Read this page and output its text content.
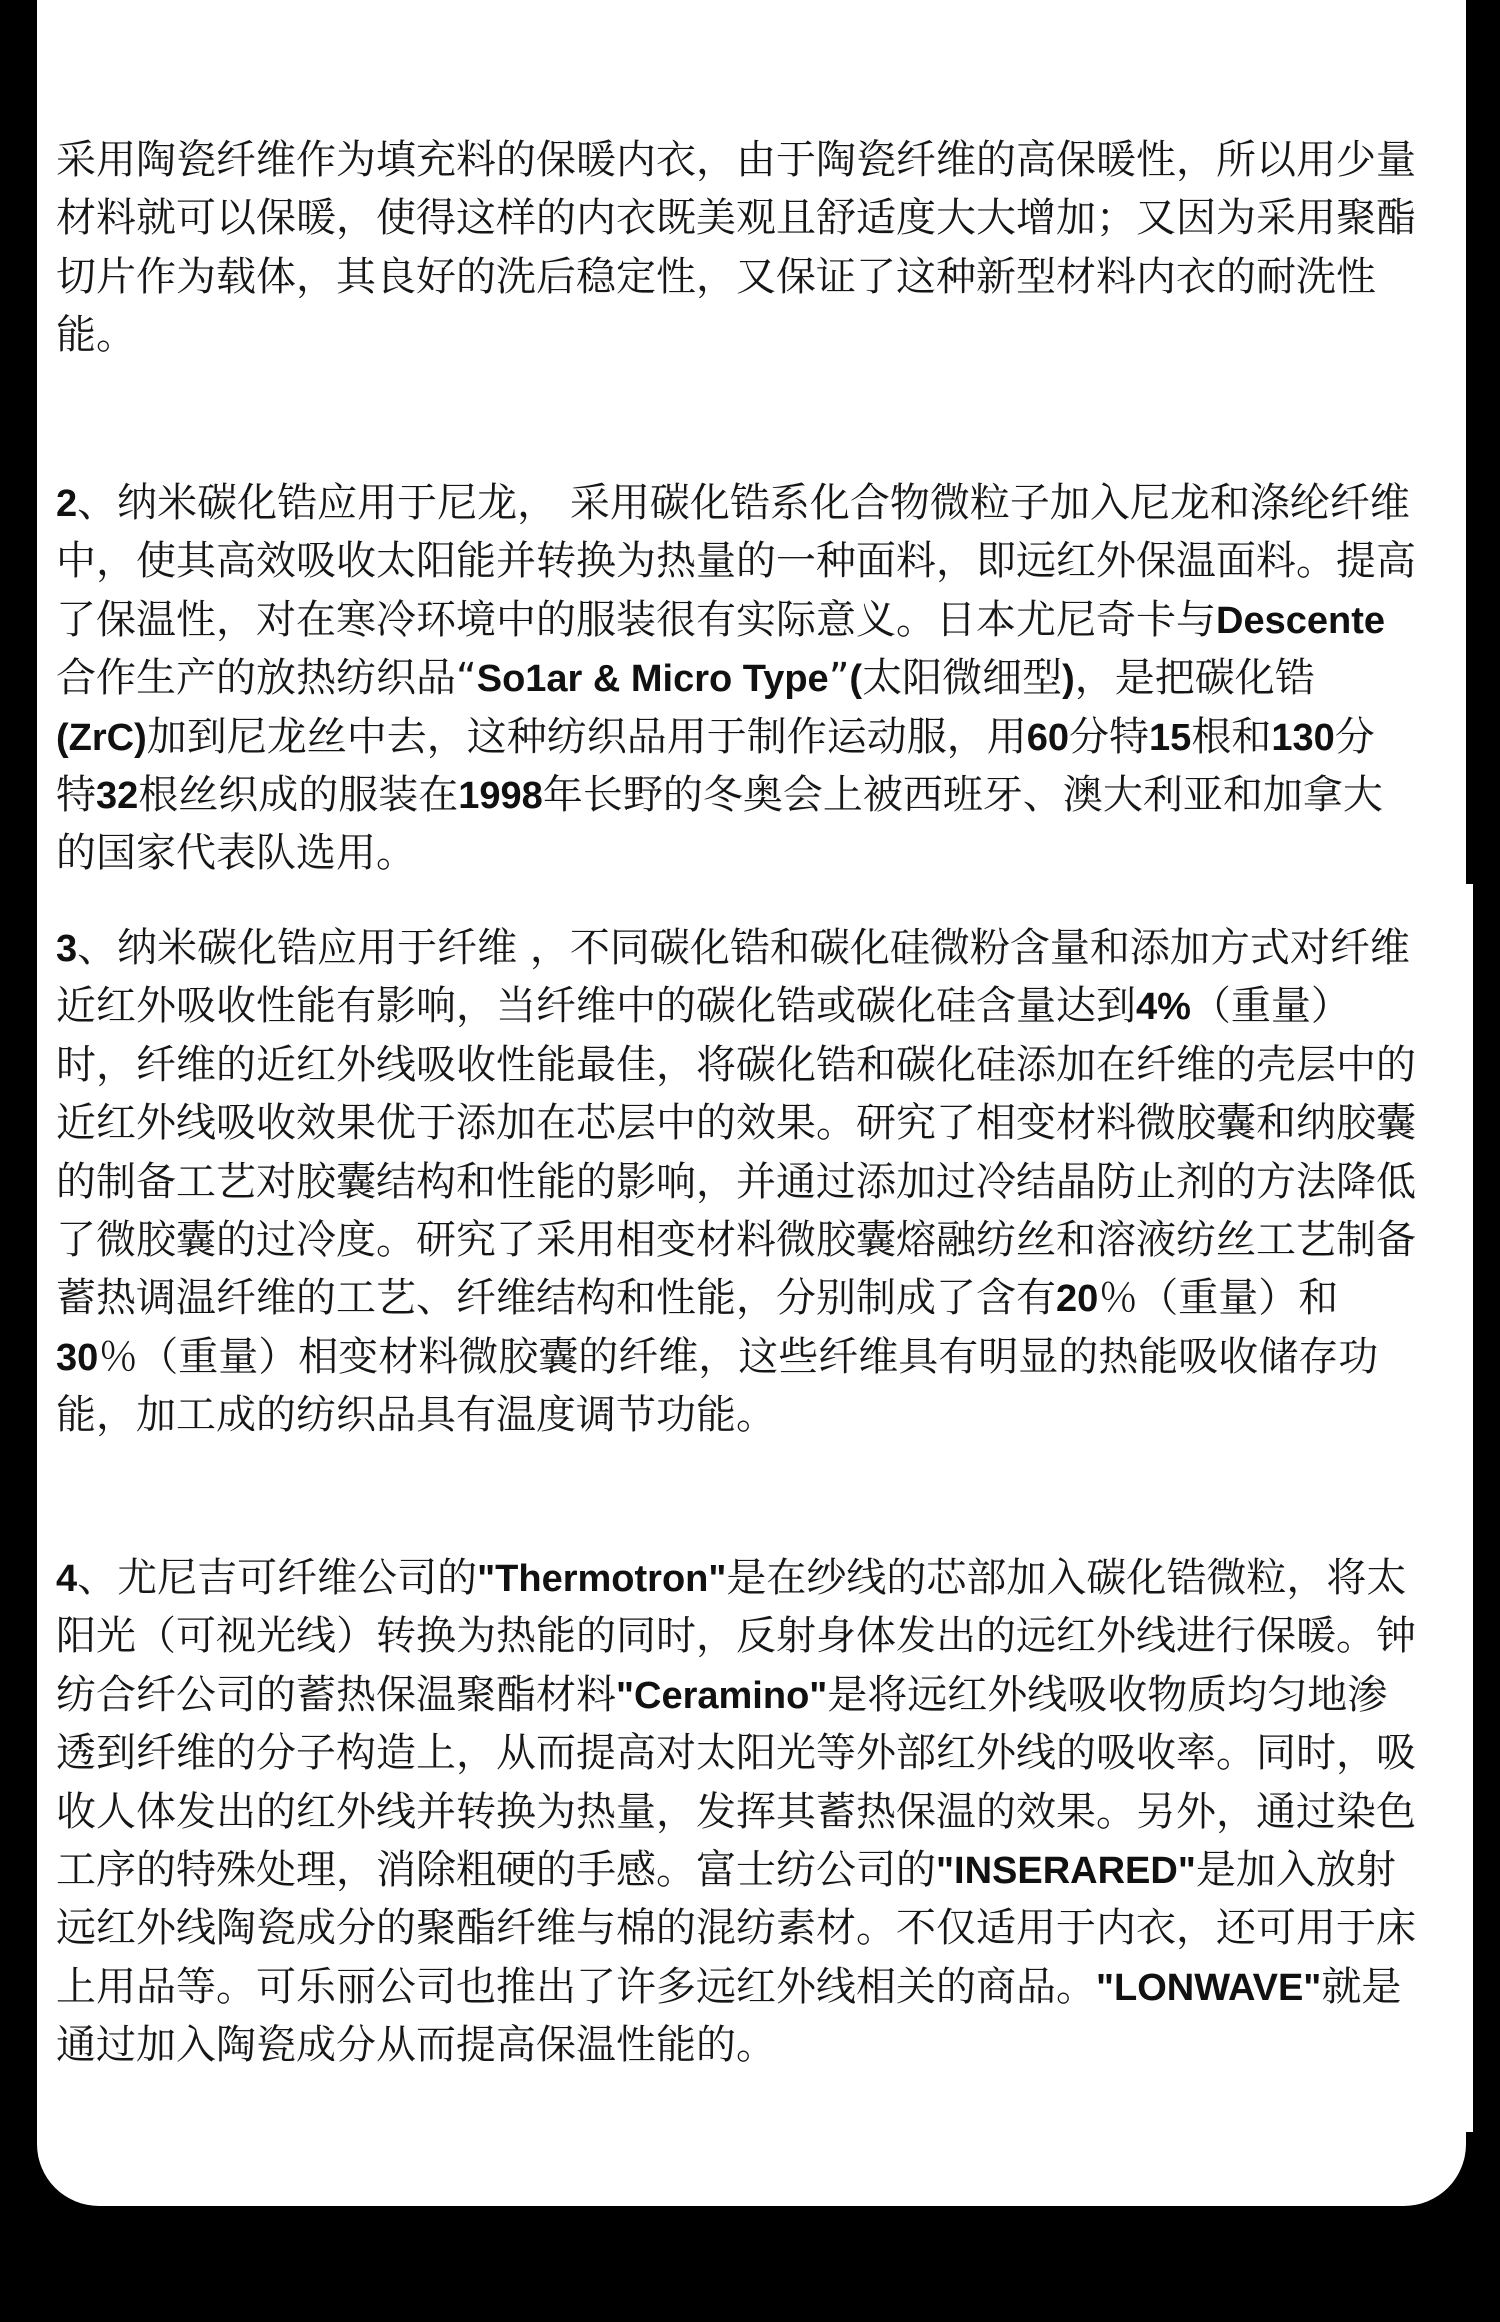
采用陶瓷纤维作为填充料的保暖内衣，由于陶瓷纤维的高保暖性，所以用少量
材料就可以保暖，使得这样的内衣既美观且舒适度大大增加；又因为采用聚酯
切片作为载体，其良好的洗后稳定性，又保证了这种新型材料内衣的耐洗性
能。
2、纳米碳化锆应用于尼龙， 采用碳化锆系化合物微粒子加入尼龙和涤纶纤维
中，使其高效吸收太阳能并转换为热量的一种面料，即远红外保温面料。提高
了保温性，对在寒冷环境中的服装很有实际意义。日本尤尼奇卡与Descente
合作生产的放热纺织品“So1ar & Micro Type”(太阳微细型)，是把碳化锆
(ZrC)加到尼龙丝中去，这种纺织品用于制作运动服，用60分特15根和130分
特32根丝织成的服装在1998年长野的冬奥会上被西班牙、澳大利亚和加拿大
的国家代表队选用。
3、纳米碳化锆应用于纤维 ，不同碳化锆和碳化硅微粉含量和添加方式对纤维
近红外吸收性能有影响，当纤维中的碳化锆或碳化硅含量达到4%（重量）
时，纤维的近红外线吸收性能最佳，将碳化锆和碳化硅添加在纤维的壳层中的
近红外线吸收效果优于添加在芯层中的效果。研究了相变材料微胶囊和纳胶囊
的制备工艺对胶囊结构和性能的影响，并通过添加过冷结晶防止剂的方法降低
了微胶囊的过冷度。研究了采用相变材料微胶囊熔融纺丝和溶液纺丝工艺制备
蓄热调温纤维的工艺、纤维结构和性能，分别制成了含有20％（重量）和
30％（重量）相变材料微胶囊的纤维，这些纤维具有明显的热能吸收储存功
能，加工成的纺织品具有温度调节功能。
4、尤尼吉可纤维公司的"Thermotron"是在纱线的芯部加入碳化锆微粒，将太
阳光（可视光线）转换为热能的同时，反射身体发出的远红外线进行保暖。钟
纺合纤公司的蓄热保温聚酯材料"Ceramino"是将远红外线吸收物质均匀地渗
透到纤维的分子构造上，从而提高对太阳光等外部红外线的吸收率。同时，吸
收人体发出的红外线并转换为热量，发挥其蓄热保温的效果。另外，通过染色
工序的特殊处理，消除粗硬的手感。富士纺公司的"INSERARED"是加入放射
远红外线陶瓷成分的聚酯纤维与棉的混纺素材。不仅适用于内衣，还可用于床
上用品等。可乐丽公司也推出了许多远红外线相关的商品。"LONWAVE"就是
通过加入陶瓷成分从而提高保温性能的。
